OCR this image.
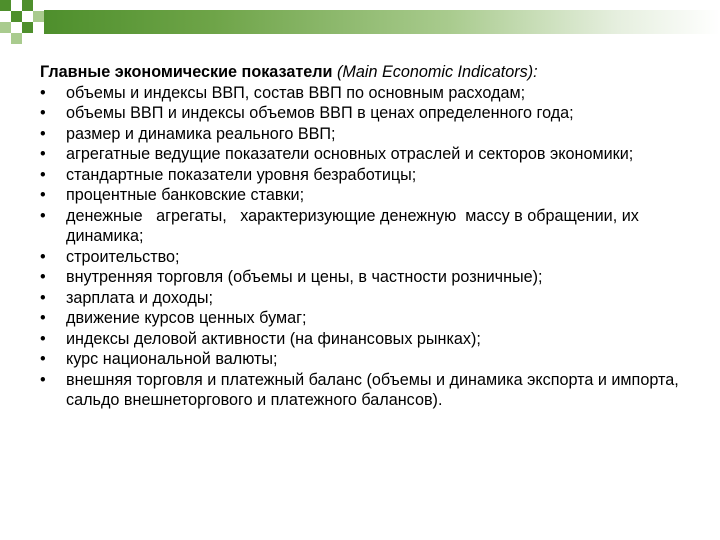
Главные экономические показатели (Main Economic Indicators):

•	объемы и индексы ВВП, состав ВВП по основным расходам;
•	объемы ВВП и индексы объемов ВВП в ценах определенного года;
•	размер и динамика реального ВВП;
•	агрегатные ведущие показатели основных отраслей и секторов экономики;
•	стандартные показатели уровня безработицы;
•	процентные банковские ставки;
•	денежные   агрегаты,   характеризующие денежную  массу в обращении, их динамика;
•	строительство;
•	внутренняя торговля (объемы и цены, в частности розничные);
•	зарплата и доходы;
•	движение курсов ценных бумаг;
•	индексы деловой активности (на финансовых рынках);
•	курс национальной валюты;
•	внешняя торговля и платежный баланс (объемы и динамика экспорта и импорта, сальдо внешнеторгового и платежного балансов).
